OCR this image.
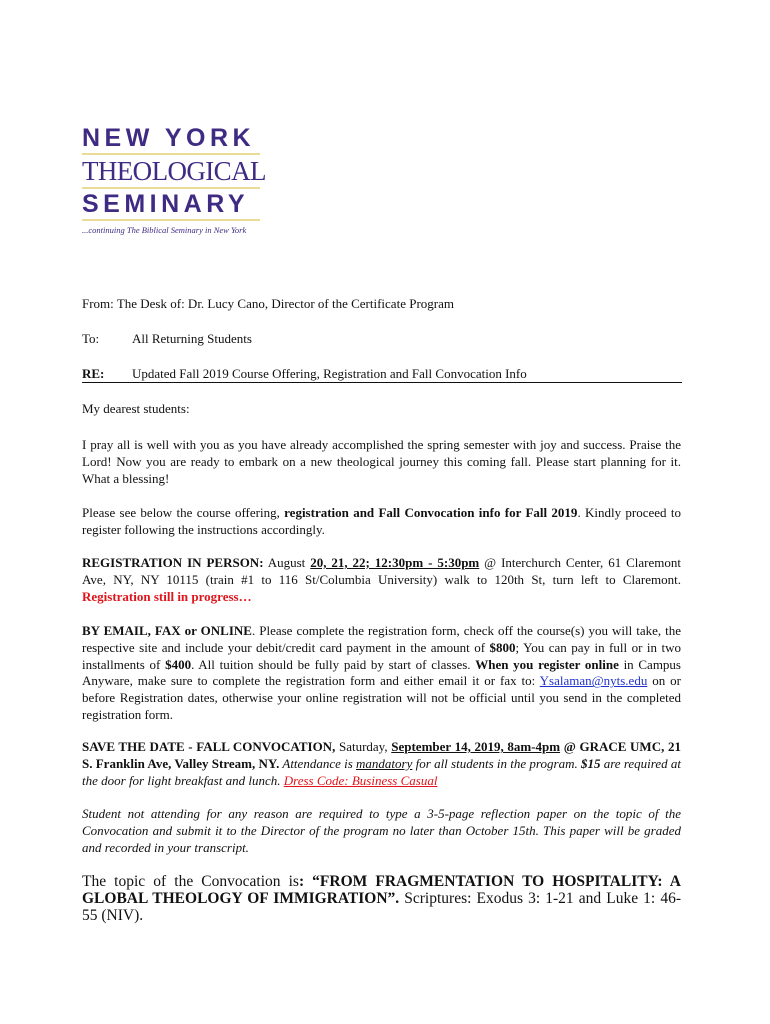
NEW YORK
THEOLOGICAL
SEMINARY
...continuing The Biblical Seminary in New York
From: The Desk of: Dr. Lucy Cano, Director of the Certificate Program
To:	All Returning Students
RE: Updated Fall 2019 Course Offering, Registration and Fall Convocation Info
My dearest students:
I pray all is well with you as you have already accomplished the spring semester with joy and success. Praise the Lord! Now you are ready to embark on a new theological journey this coming fall. Please start planning for it. What a blessing!
Please see below the course offering, registration and Fall Convocation info for Fall 2019. Kindly proceed to register following the instructions accordingly.
REGISTRATION IN PERSON: August 20, 21, 22; 12:30pm - 5:30pm @ Interchurch Center, 61 Claremont Ave, NY, NY 10115 (train #1 to 116 St/Columbia University) walk to 120th St, turn left to Claremont. Registration still in progress…
BY EMAIL, FAX or ONLINE. Please complete the registration form, check off the course(s) you will take, the respective site and include your debit/credit card payment in the amount of $800; You can pay in full or in two installments of $400. All tuition should be fully paid by start of classes. When you register online in Campus Anyware, make sure to complete the registration form and either email it or fax to: Ysalaman@nyts.edu on or before Registration dates, otherwise your online registration will not be official until you send in the completed registration form.
SAVE THE DATE - FALL CONVOCATION, Saturday, September 14, 2019, 8am-4pm @ GRACE UMC, 21 S. Franklin Ave, Valley Stream, NY. Attendance is mandatory for all students in the program. $15 are required at the door for light breakfast and lunch. Dress Code: Business Casual
Student not attending for any reason are required to type a 3-5-page reflection paper on the topic of the Convocation and submit it to the Director of the program no later than October 15th. This paper will be graded and recorded in your transcript.
The topic of the Convocation is: “FROM FRAGMENTATION TO HOSPITALITY: A GLOBAL THEOLOGY OF IMMIGRATION”. Scriptures: Exodus 3: 1-21 and Luke 1: 46-55 (NIV).
